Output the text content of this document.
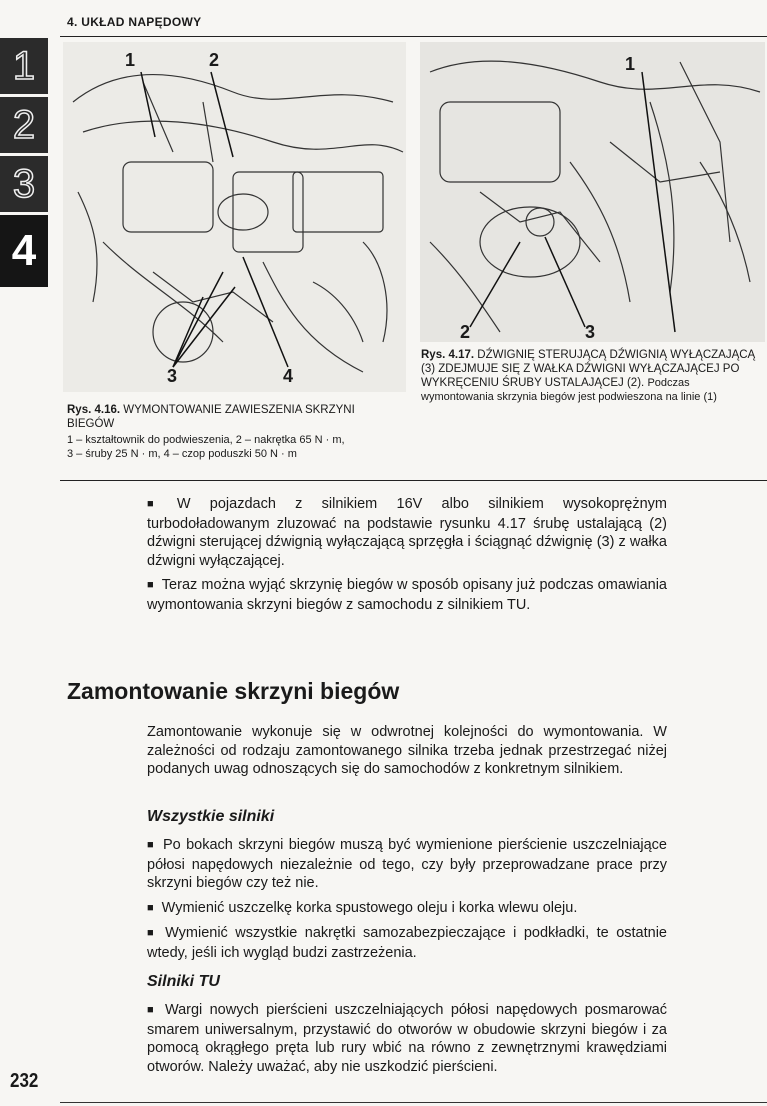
4. UKŁAD NAPĘDOWY
1
2
3
4
1	2
3	4

Rys. 4.16. WYMONTOWANIE ZAWIESZENIA SKRZYNI BIEGÓW

1 – kształtownik do podwieszenia, 2 – nakrętka 65 N · m,

3 – śruby 25 N · m, 4 – czop poduszki 50 N · m

1
2	3

Rys. 4.17. DŹWIGNIĘ STERUJĄCĄ DŹWIGNIĄ WYŁĄCZAJĄCĄ (3) ZDEJMUJE SIĘ Z WAŁKA DŹWIGNI WYŁĄCZAJĄCEJ PO WYKRĘCENIU ŚRUBY USTALAJĄCEJ (2). Podczas wymontowania skrzynia biegów jest podwieszona na linie (1)

■ W pojazdach z silnikiem 16V albo silnikiem wysokoprężnym turbodoładowanym zluzować na podstawie rysunku 4.17 śrubę ustalającą (2) dźwigni sterującej dźwignią wyłączającą sprzęgła i ściągnąć dźwignię (3) z wałka dźwigni wyłączającej.

■ Teraz można wyjąć skrzynię biegów w sposób opisany już podczas omawiania wymontowania skrzyni biegów z samochodu z silnikiem TU.

Zamontowanie skrzyni biegów
Zamontowanie wykonuje się w odwrotnej kolejności do wymontowania. W zależności od rodzaju zamontowanego silnika trzeba jednak przestrzegać niżej podanych uwag odnoszących się do samochodów z konkretnym silnikiem.
Wszystkie silniki

■ Po bokach skrzyni biegów muszą być wymienione pierścienie uszczelniające półosi napędowych niezależnie od tego, czy były przeprowadzane prace przy skrzyni biegów czy też nie.

■ Wymienić uszczelkę korka spustowego oleju i korka wlewu oleju.

■ Wymienić wszystkie nakrętki samozabezpieczające i podkładki, te ostatnie wtedy, jeśli ich wygląd budzi zastrzeżenia.

Silniki TU

■ Wargi nowych pierścieni uszczelniających półosi napędowych posmarować smarem uniwersalnym, przystawić do otworów w obudowie skrzyni biegów i za pomocą okrągłego pręta lub rury wbić na równo z zewnętrznymi krawędziami otworów. Należy uważać, aby nie uszkodzić pierścieni.

232
